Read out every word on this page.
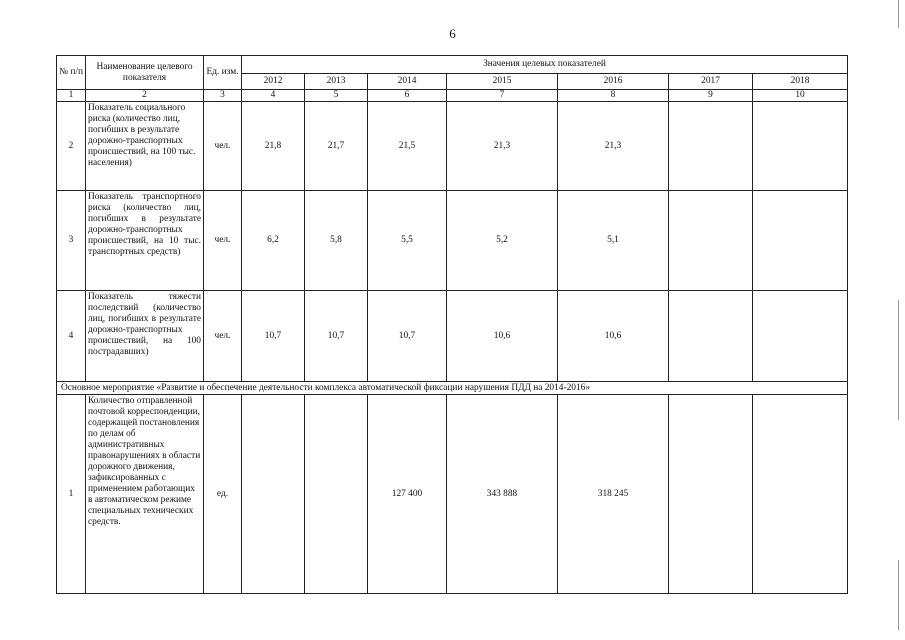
6
№ п/п	Наименование целевого показателя	Ед. изм.	Значения целевых показателей						
			2012	2013	2014	2015	2016	2017	2018
1	2	3	4	5	6	7	8	9	10
2	Показатель социального риска (количество лиц, погибших в результате дорожно-транспортных происшествий, на 100 тыс. населения)	чел.	21,8	21,7	21,5	21,3	21,3		
3	Показатель транспортного риска (количество лиц, погибших в результате дорожно-транспортных происшествий, на 10 тыс. транспортных средств)	чел.	6,2	5,8	5,5	5,2	5,1		
4	Показатель тяжести последствий (количество лиц, погибших в результате дорожно-транспортных происшествий, на 100 пострадавших)	чел.	10,7	10,7	10,7	10,6	10,6		
Основное мероприятие «Развитие и обеспечение деятельности комплекса автоматической фиксации нарушения ПДД на 2014-2016»									
1	Количество отправленной почтовой корреспонденции, содержащей постановления по делам об административных правонарушениях в области дорожного движения, зафиксированных с применением работающих в автоматическом режиме специальных технических средств.	ед.			127 400	343 888	318 245		
